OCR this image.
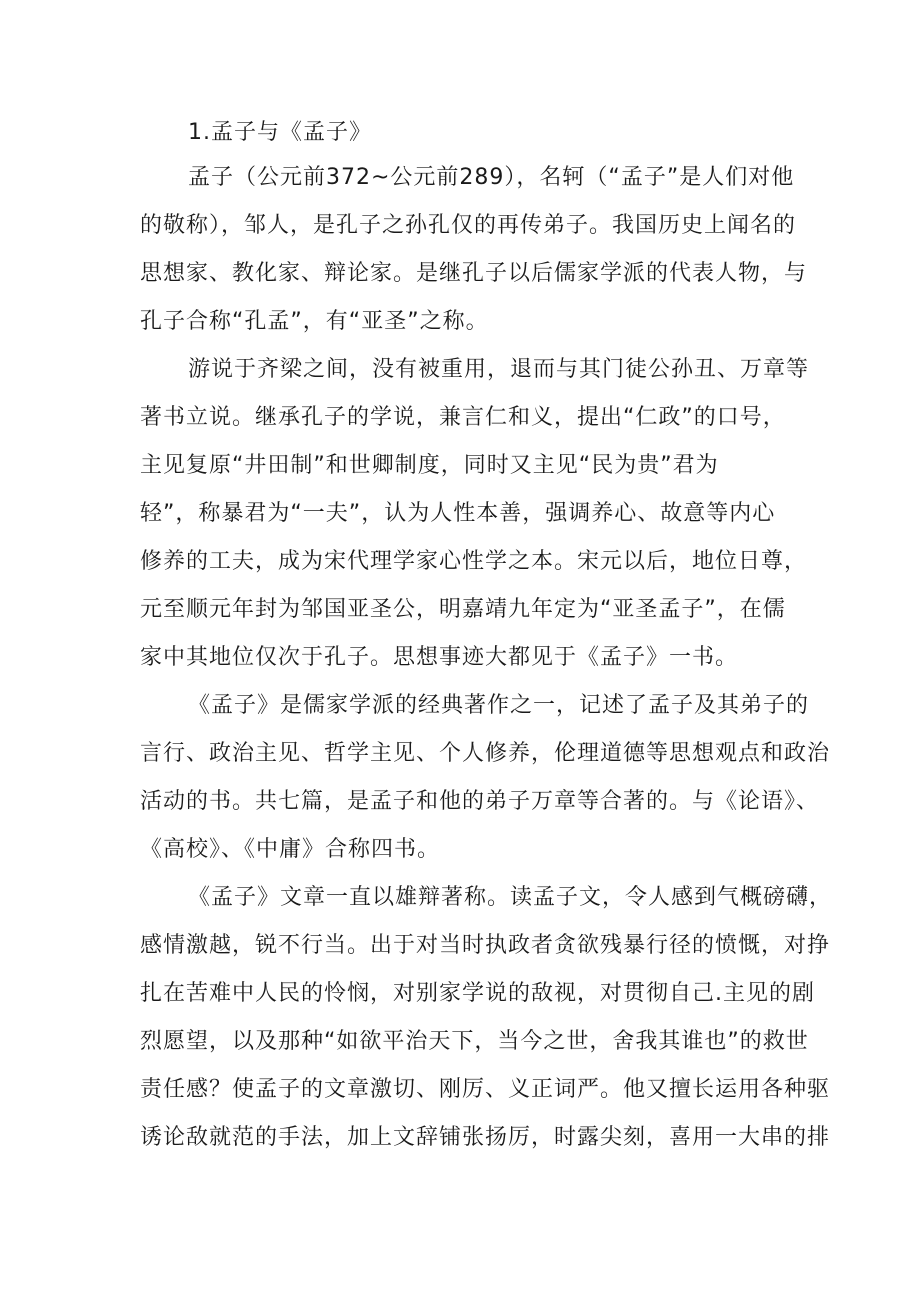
1.孟子与《孟子》
孟子（公元前372~公元前289），名轲（“孟子”是人们对他
的敬称），邹人，是孔子之孙孔仅的再传弟子。我国历史上闻名的
思想家、教化家、辩论家。是继孔子以后儒家学派的代表人物，与
孔子合称“孔孟”，有“亚圣”之称。
游说于齐梁之间，没有被重用，退而与其门徒公孙丑、万章等
著书立说。继承孔子的学说，兼言仁和义，提出“仁政”的口号，
主见复原“井田制”和世卿制度，同时又主见“民为贵”君为
轻”，称暴君为“一夫”，认为人性本善，强调养心、故意等内心
修养的工夫，成为宋代理学家心性学之本。宋元以后，地位日尊，
元至顺元年封为邹国亚圣公，明嘉靖九年定为“亚圣孟子”，在儒
家中其地位仅次于孔子。思想事迹大都见于《孟子》一书。
《孟子》是儒家学派的经典著作之一，记述了孟子及其弟子的
言行、政治主见、哲学主见、个人修养，伦理道德等思想观点和政治
活动的书。共七篇，是孟子和他的弟子万章等合著的。与《论语》、
《高校》、《中庸》合称四书。
《孟子》文章一直以雄辩著称。读孟子文，令人感到气概磅礴，
感情激越，锐不行当。出于对当时执政者贪欲残暴行径的愤慨，对挣
扎在苦难中人民的怜悯，对别家学说的敌视，对贯彻自己.主见的剧
烈愿望，以及那种“如欲平治天下，当今之世，舍我其谁也”的救世
责任感？使孟子的文章激切、刚厉、义正词严。他又擅长运用各种驱
诱论敌就范的手法，加上文辞铺张扬厉，时露尖刻，喜用一大串的排
